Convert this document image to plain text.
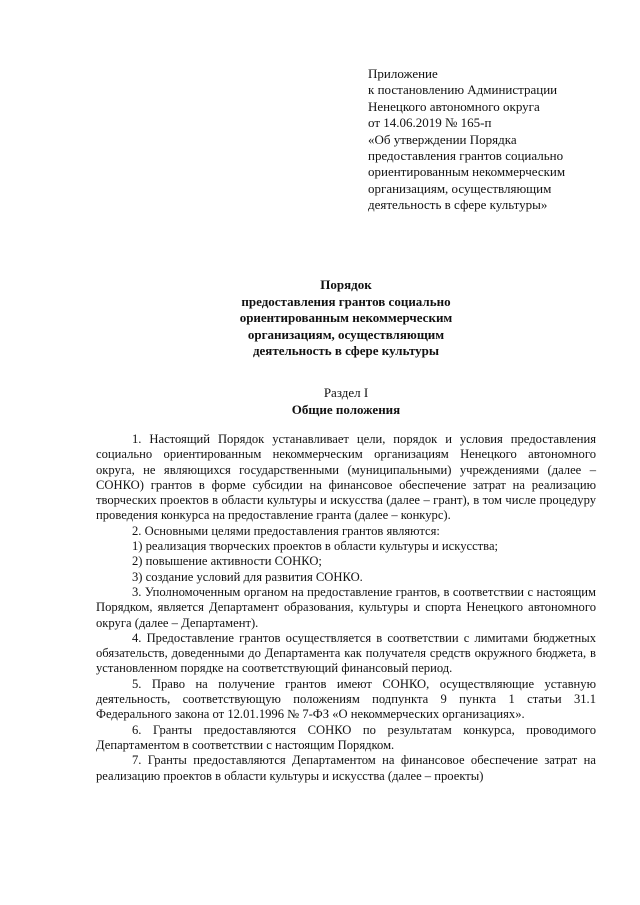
Приложение
к постановлению Администрации
Ненецкого автономного округа
от 14.06.2019 № 165-п
«Об утверждении Порядка
предоставления грантов социально
ориентированным некоммерческим
организациям, осуществляющим
деятельность в сфере культуры»
Порядок
предоставления грантов социально
ориентированным некоммерческим
организациям, осуществляющим
деятельность в сфере культуры
Раздел I
Общие положения

1. Настоящий Порядок устанавливает цели, порядок и условия предоставления социально ориентированным некоммерческим организациям Ненецкого автономного округа, не являющихся государственными (муниципальными) учреждениями (далее – СОНКО) грантов в форме субсидии на финансовое обеспечение затрат на реализацию творческих проектов в области культуры и искусства (далее – грант), в том числе процедуру проведения конкурса на предоставление гранта (далее – конкурс).

2. Основными целями предоставления грантов являются:

1) реализация творческих проектов в области культуры и искусства;

2) повышение активности СОНКО;

3) создание условий для развития СОНКО.

3. Уполномоченным органом на предоставление грантов, в соответствии с настоящим Порядком, является Департамент образования, культуры и спорта Ненецкого автономного округа (далее – Департамент).

4. Предоставление грантов осуществляется в соответствии с лимитами бюджетных обязательств, доведенными до Департамента как получателя средств окружного бюджета, в установленном порядке на соответствующий финансовый период.

5. Право на получение грантов имеют СОНКО, осуществляющие уставную деятельность, соответствующую положениям подпункта 9 пункта 1 статьи 31.1 Федерального закона от 12.01.1996 № 7-ФЗ «О некоммерческих организациях».

6. Гранты предоставляются СОНКО по результатам конкурса, проводимого Департаментом в соответствии с настоящим Порядком.

7. Гранты предоставляются Департаментом на финансовое обеспечение затрат на реализацию проектов в области культуры и искусства (далее – проекты)
